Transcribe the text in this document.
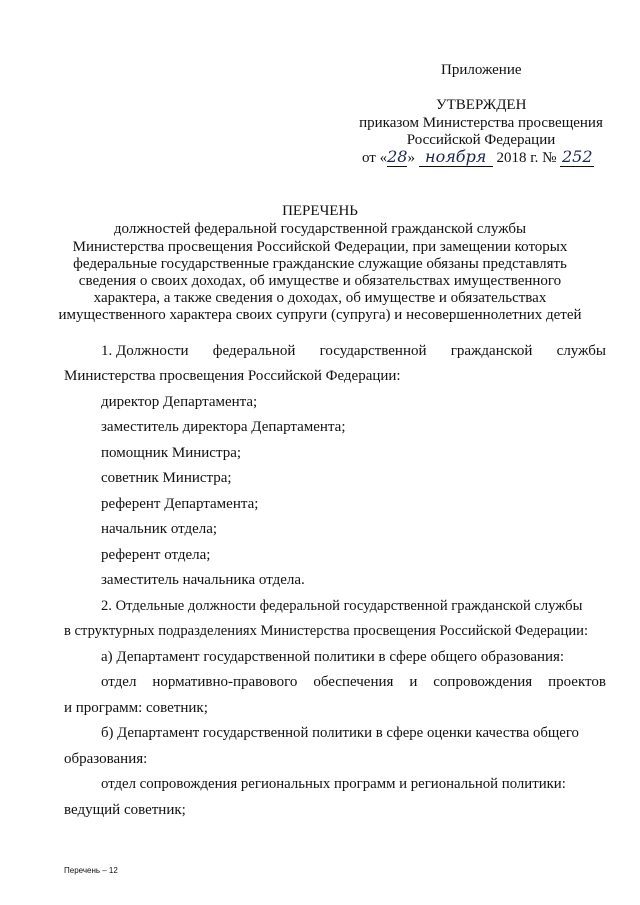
Приложение
УТВЕРЖДЕН
приказом Министерства просвещения
Российской Федерации
от «28» ноября 2018 г. № 252
ПЕРЕЧЕНЬ
должностей федеральной государственной гражданской службы
Министерства просвещения Российской Федерации, при замещении которых
федеральные государственные гражданские служащие обязаны представлять
сведения о своих доходах, об имуществе и обязательствах имущественного
характера, а также сведения о доходах, об имуществе и обязательствах
имущественного характера своих супруги (супруга) и несовершеннолетних детей
1. Должности федеральной государственной гражданской службы
Министерства просвещения Российской Федерации:
директор Департамента;
заместитель директора Департамента;
помощник Министра;
советник Министра;
референт Департамента;
начальник отдела;
референт отдела;
заместитель начальника отдела.
2. Отдельные должности федеральной государственной гражданской службы
в структурных подразделениях Министерства просвещения Российской Федерации:
а) Департамент государственной политики в сфере общего образования:
отдел нормативно-правового обеспечения и сопровождения проектов
и программ: советник;
б) Департамент государственной политики в сфере оценки качества общего
образования:
отдел сопровождения региональных программ и региональной политики:
ведущий советник;
Перечень – 12
